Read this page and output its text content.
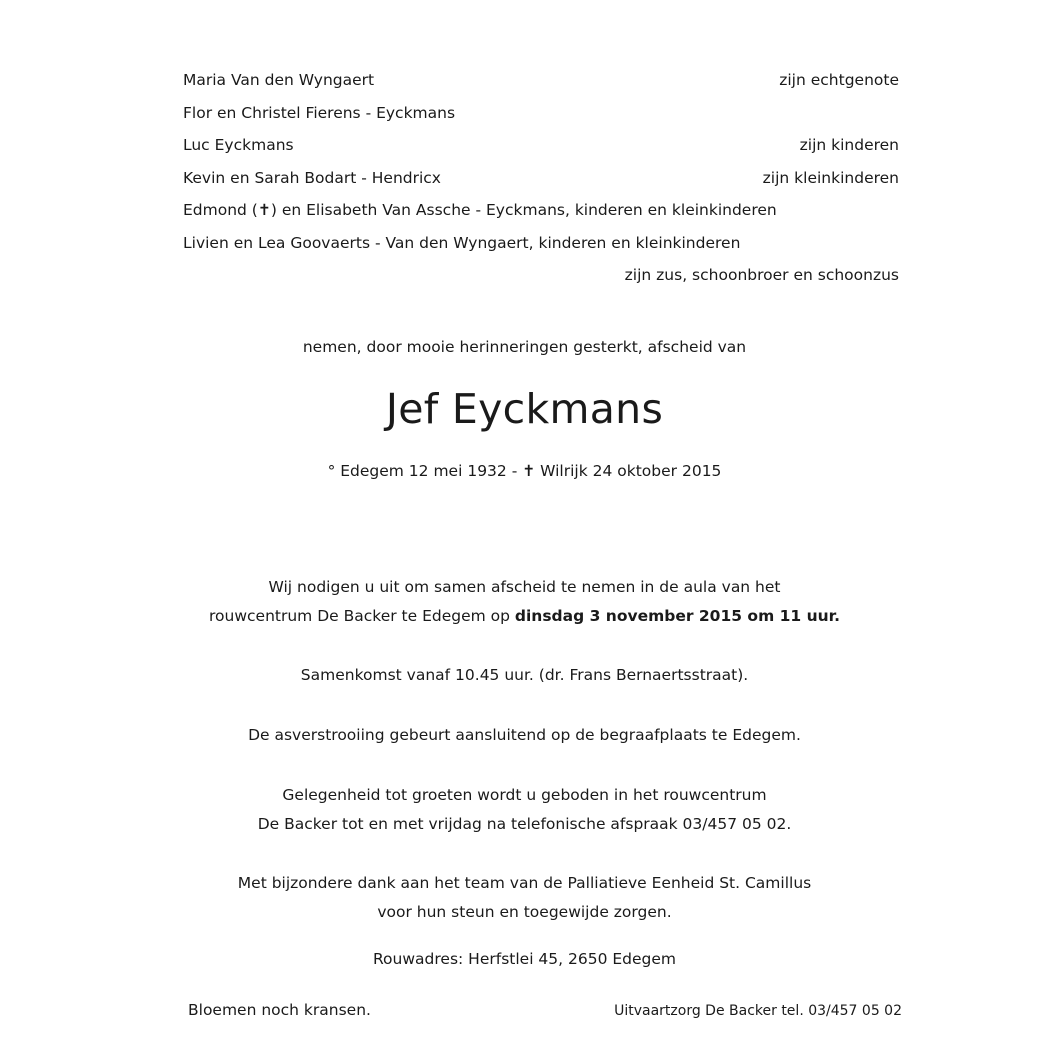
Maria Van den Wyngaert	zijn echtgenote
Flor en Christel Fierens - Eyckmans
Luc Eyckmans	zijn kinderen
Kevin en Sarah Bodart - Hendricx	zijn kleinkinderen
Edmond (✝) en Elisabeth Van Assche - Eyckmans, kinderen en kleinkinderen
Livien en Lea Goovaerts - Van den Wyngaert, kinderen en kleinkinderen
zijn zus, schoonbroer en schoonzus
nemen, door mooie herinneringen gesterkt, afscheid van
Jef Eyckmans
° Edegem 12 mei 1932 - ✝ Wilrijk 24 oktober 2015
Wij nodigen u uit om samen afscheid te nemen in de aula van het
rouwcentrum De Backer te Edegem op dinsdag 3 november 2015 om 11 uur.
Samenkomst vanaf 10.45 uur. (dr. Frans Bernaertsstraat).
De asverstrooiing gebeurt aansluitend op de begraafplaats te Edegem.
Gelegenheid tot groeten wordt u geboden in het rouwcentrum
De Backer tot en met vrijdag na telefonische afspraak 03/457 05 02.
Met bijzondere dank aan het team van de Palliatieve Eenheid St. Camillus
voor hun steun en toegewijde zorgen.
Rouwadres: Herfstlei 45, 2650 Edegem
Bloemen noch kransen.	Uitvaartzorg De Backer tel. 03/457 05 02
